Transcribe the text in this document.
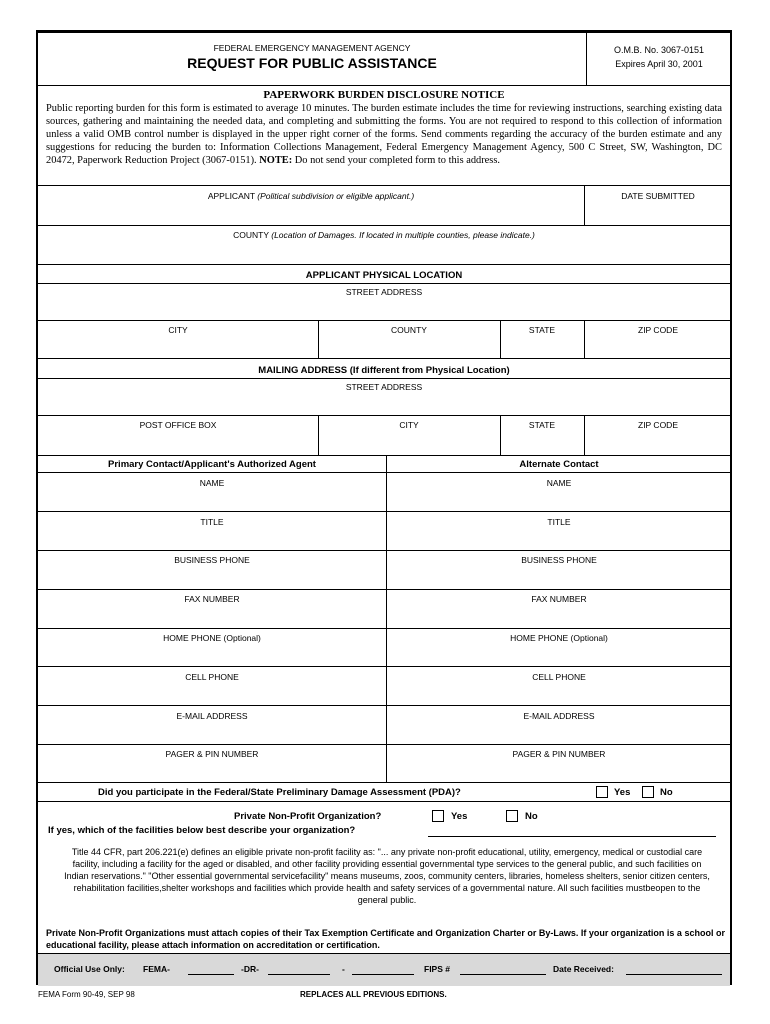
FEDERAL EMERGENCY MANAGEMENT AGENCY
REQUEST FOR PUBLIC ASSISTANCE
O.M.B. No. 3067-0151
Expires April 30, 2001
PAPERWORK BURDEN DISCLOSURE NOTICE
Public reporting burden for this form is estimated to average 10 minutes. The burden estimate includes the time for reviewing instructions, searching existing data sources, gathering and maintaining the needed data, and completing and submitting the forms. You are not required to respond to this collection of information unless a valid OMB control number is displayed in the upper right corner of the forms. Send comments regarding the accuracy of the burden estimate and any suggestions for reducing the burden to: Information Collections Management, Federal Emergency Management Agency, 500 C Street, SW, Washington, DC 20472, Paperwork Reduction Project (3067-0151). NOTE: Do not send your completed form to this address.
APPLICANT (Political subdivision or eligible applicant.)	DATE SUBMITTED
COUNTY (Location of Damages. If located in multiple counties, please indicate.)
APPLICANT PHYSICAL LOCATION
STREET ADDRESS
CITY	COUNTY	STATE	ZIP CODE
MAILING ADDRESS (If different from Physical Location)
STREET ADDRESS
POST OFFICE BOX	CITY	STATE	ZIP CODE
Primary Contact/Applicant's Authorized Agent	Alternate Contact
NAME	NAME
TITLE	TITLE
BUSINESS PHONE	BUSINESS PHONE
FAX NUMBER	FAX NUMBER
HOME PHONE (Optional)	HOME PHONE (Optional)
CELL PHONE	CELL PHONE
E-MAIL ADDRESS	E-MAIL ADDRESS
PAGER & PIN NUMBER	PAGER & PIN NUMBER
Did you participate in the Federal/State Preliminary Damage Assessment (PDA)?	Yes	No
Private Non-Profit Organization?	Yes	No
If yes, which of the facilities below best describe your organization?
Title 44 CFR, part 206.221(e) defines an eligible private non-profit facility as: "... any private non-profit educational, utility, emergency, medical or custodial care facility, including a facility for the aged or disabled, and other facility providing essential governmental type services to the general public, and such facilities on Indian reservations." "Other essential governmental servicefacility" means museums, zoos, community centers, libraries, homeless shelters, senior citizen centers, rehabilitation facilities,shelter workshops and facilities which provide health and safety services of a governmental nature. All such facilities mustbeopen to the general public.
Private Non-Profit Organizations must attach copies of their Tax Exemption Certificate and Organization Charter or By-Laws. If your organization is a school or educational facility, please attach information on accreditation or certification.
Official Use Only: FEMA-	-DR-	-	FIPS #	Date Received:
FEMA Form 90-49, SEP 98	REPLACES ALL PREVIOUS EDITIONS.
